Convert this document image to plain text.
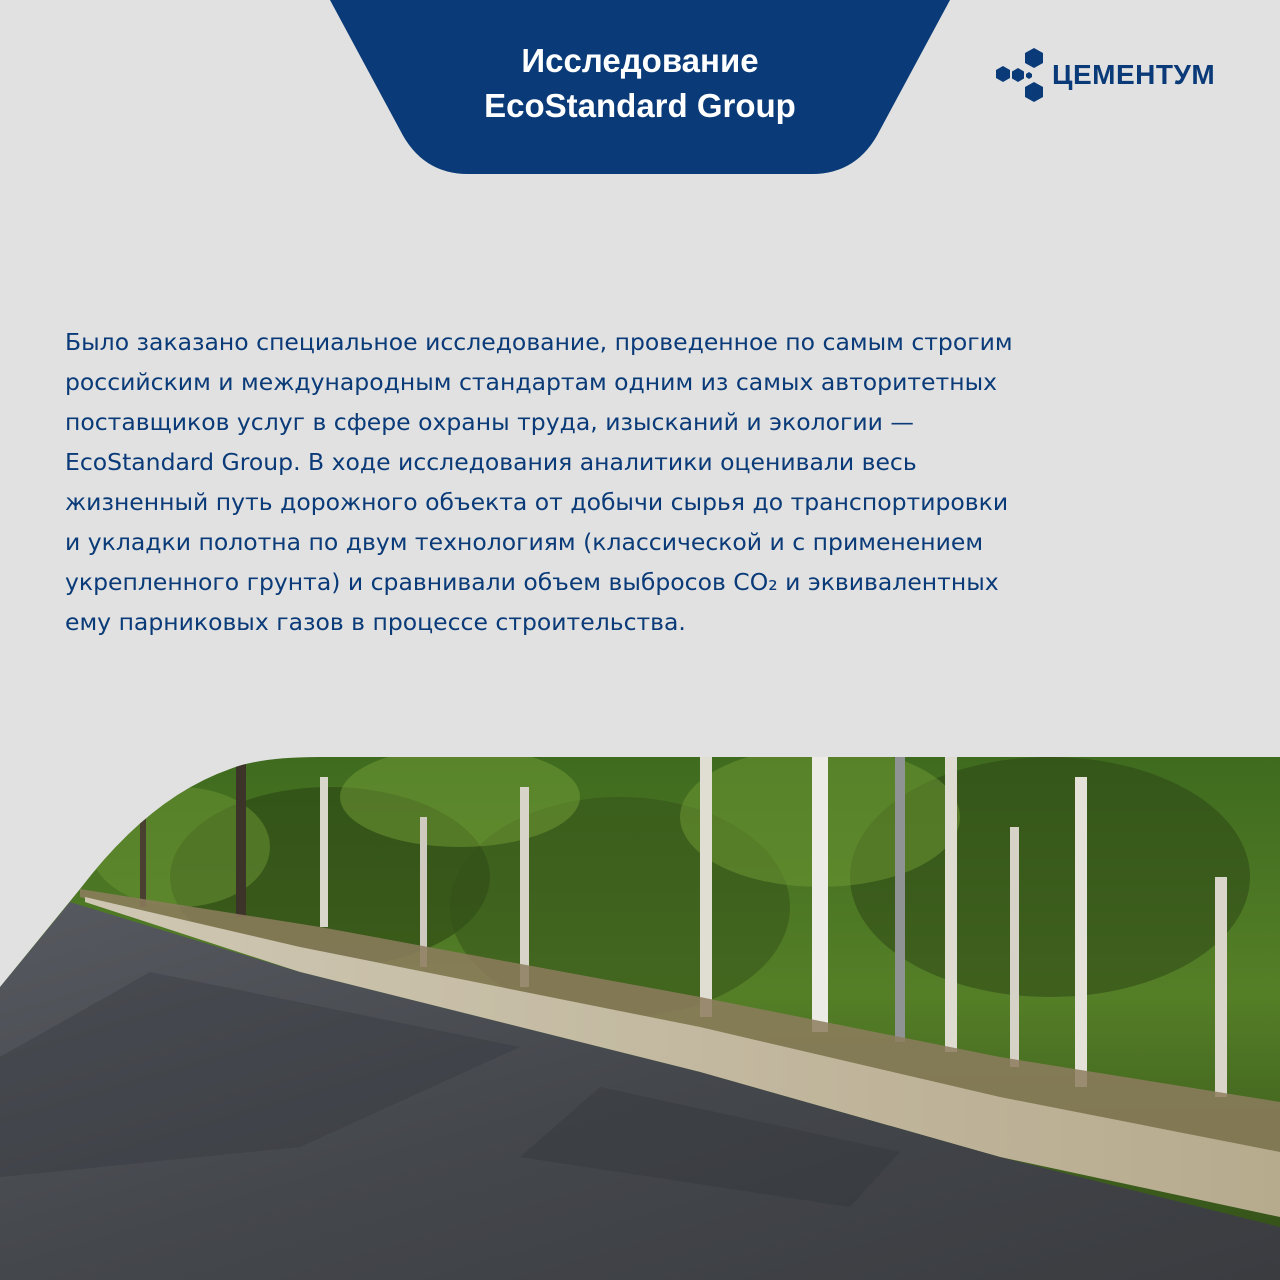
Исследование
EcoStandard Group
ЦЕМЕНТУМ

Было заказано специальное исследование, проведенное по самым строгим
российским и международным стандартам одним из самых авторитетных
поставщиков услуг в сфере охраны труда, изысканий и экологии —
EcoStandard Group. В ходе исследования аналитики оценивали весь
жизненный путь дорожного объекта от добычи сырья до транспортировки
и укладки полотна по двум технологиям (классической и с применением
укрепленного грунта) и сравнивали объем выбросов CO₂ и эквивалентных
ему парниковых газов в процессе строительства.
